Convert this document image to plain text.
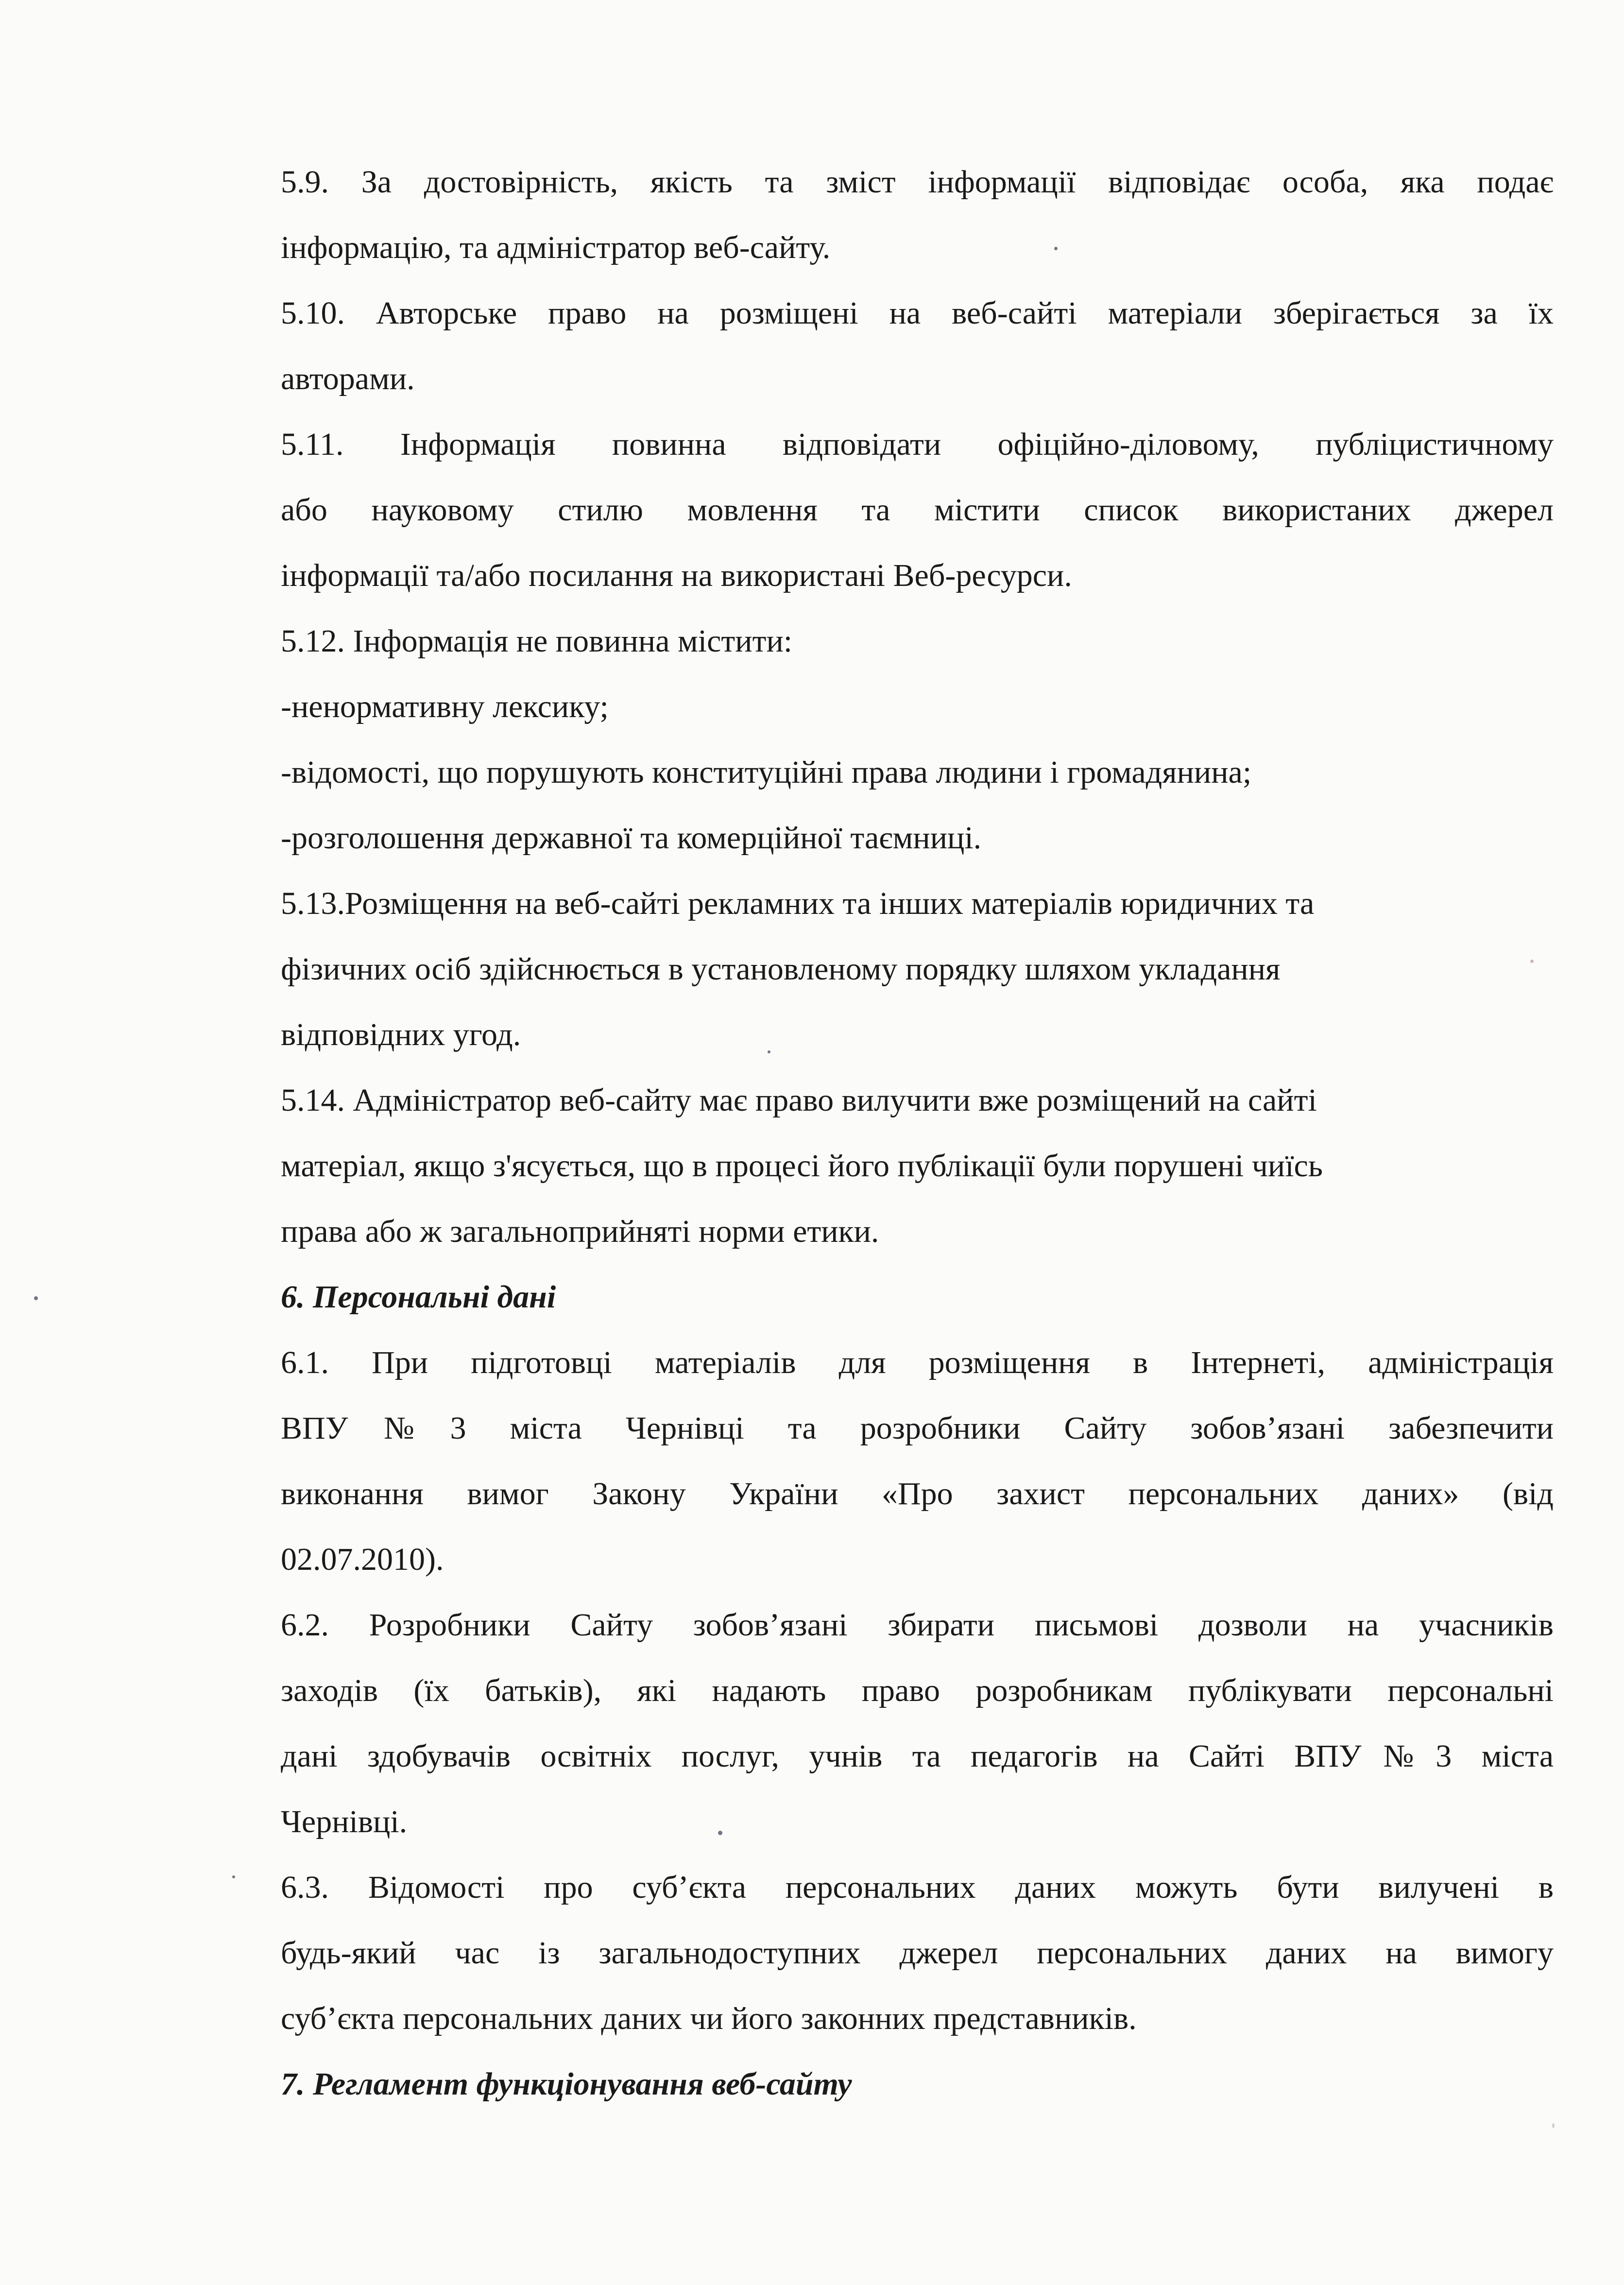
5.9. За достовірність, якість та зміст інформації відповідає особа, яка подає
інформацію, та адміністратор веб-сайту.
5.10. Авторське право на розміщені на веб-сайті матеріали зберігається за їх
авторами.
5.11. Інформація повинна відповідати офіційно-діловому, публіцистичному
або науковому стилю мовлення та містити список використаних джерел
інформації та/або посилання на використані Веб-ресурси.
5.12. Інформація не повинна містити:
-ненормативну лексику;
-відомості, що порушують конституційні права людини і громадянина;
-розголошення державної та комерційної таємниці.
5.13.Розміщення на веб-сайті рекламних та інших матеріалів юридичних та
фізичних осіб здійснюється в установленому порядку шляхом укладання
відповідних угод.
5.14. Адміністратор веб-сайту має право вилучити вже розміщений на сайті
матеріал, якщо з'ясується, що в процесі його публікації були порушені чиїсь
права або ж загальноприйняті норми етики.
6. Персональні дані
6.1. При підготовці матеріалів для розміщення в Інтернеті, адміністрація
ВПУ№3 міста Чернівці та розробники Сайту зобов’язані забезпечити
виконання вимог Закону України «Про захист персональних даних» (від
02.07.2010).
6.2. Розробники Сайту зобов’язані збирати письмові дозволи на учасників
заходів (їх батьків), які надають право розробникам публікувати персональні
дані здобувачів освітніх послуг, учнів та педагогів на Сайті ВПУ№3 міста
Чернівці.
6.3. Відомості про суб’єкта персональних даних можуть бути вилучені в
будь-який час із загальнодоступних джерел персональних даних на вимогу
суб’єкта персональних даних чи його законних представників.
7. Регламент функціонування веб-сайту
